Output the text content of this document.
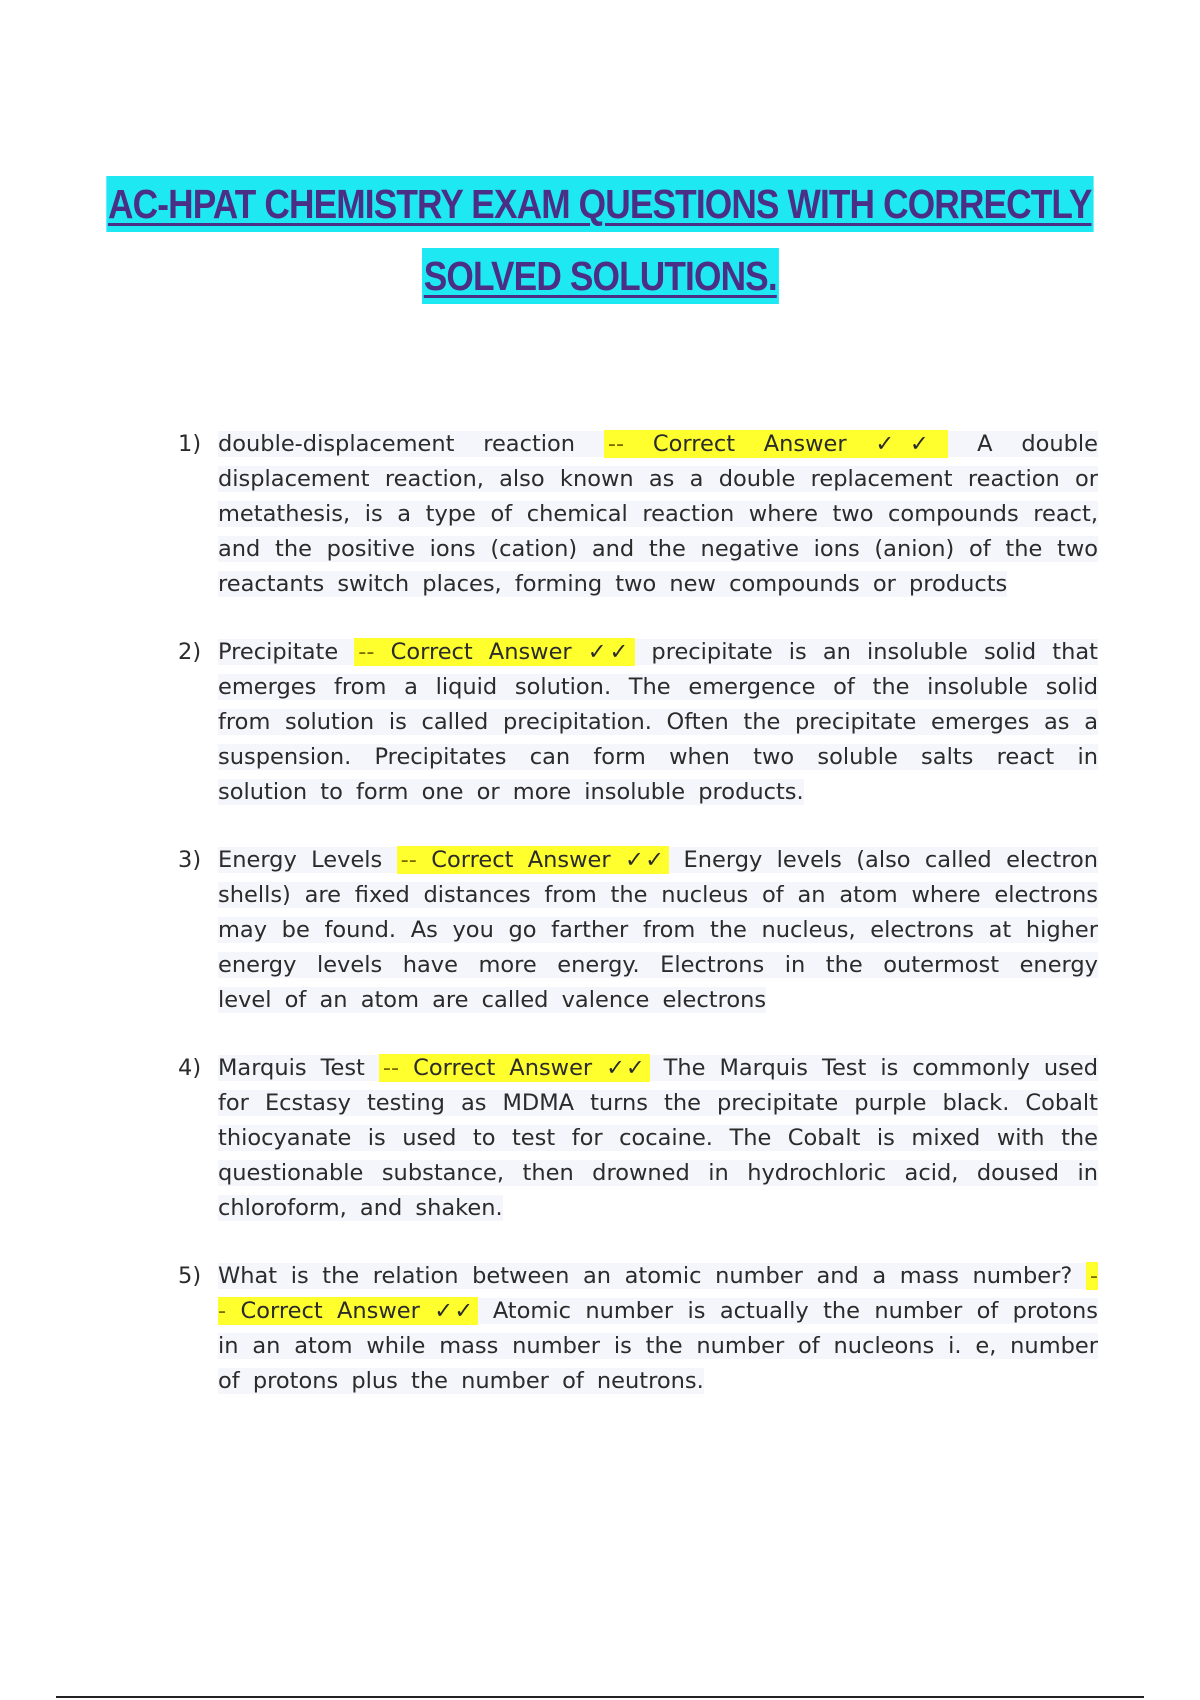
AC-HPAT CHEMISTRY EXAM QUESTIONS WITH CORRECTLY
SOLVED SOLUTIONS.
1) double-displacement reaction -- Correct Answer ✓✓ A double displacement reaction, also known as a double replacement reaction or metathesis, is a type of chemical reaction where two compounds react, and the positive ions (cation) and the negative ions (anion) of the two reactants switch places, forming two new compounds or products
2) Precipitate -- Correct Answer ✓✓ precipitate is an insoluble solid that emerges from a liquid solution. The emergence of the insoluble solid from solution is called precipitation. Often the precipitate emerges as a suspension. Precipitates can form when two soluble salts react in solution to form one or more insoluble products.
3) Energy Levels -- Correct Answer ✓✓ Energy levels (also called electron shells) are fixed distances from the nucleus of an atom where electrons may be found. As you go farther from the nucleus, electrons at higher energy levels have more energy. Electrons in the outermost energy level of an atom are called valence electrons
4) Marquis Test -- Correct Answer ✓✓ The Marquis Test is commonly used for Ecstasy testing as MDMA turns the precipitate purple black. Cobalt thiocyanate is used to test for cocaine. The Cobalt is mixed with the questionable substance, then drowned in hydrochloric acid, doused in chloroform, and shaken.
5) What is the relation between an atomic number and a mass number? -- Correct Answer ✓✓ Atomic number is actually the number of protons in an atom while mass number is the number of nucleons i. e, number of protons plus the number of neutrons.
